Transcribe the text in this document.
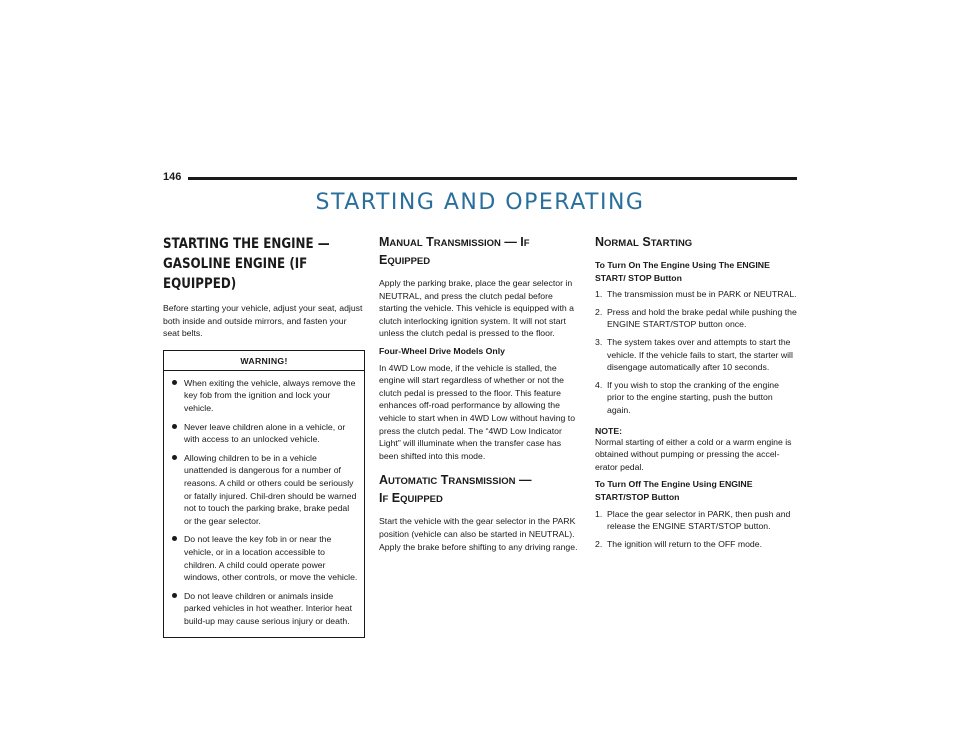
146
STARTING AND OPERATING
STARTING THE ENGINE — GASOLINE ENGINE (IF EQUIPPED)

Before starting your vehicle, adjust your seat, adjust both inside and outside mirrors, and fasten your seat belts.

WARNING!
When exiting the vehicle, always remove the key fob from the ignition and lock your vehicle.
Never leave children alone in a vehicle, or with access to an unlocked vehicle.
Allowing children to be in a vehicle unattended is dangerous for a number of reasons. A child or others could be seriously or fatally injured. Chil-dren should be warned not to touch the parking brake, brake pedal or the gear selector.
Do not leave the key fob in or near the vehicle, or in a location accessible to children. A child could operate power windows, other controls, or move the vehicle.
Do not leave children or animals inside parked vehicles in hot weather. Interior heat build-up may cause serious injury or death.
MANUAL TRANSMISSION — IF EQUIPPED

Apply the parking brake, place the gear selector in NEUTRAL, and press the clutch pedal before starting the vehicle. This vehicle is equipped with a clutch interlocking ignition system. It will not start unless the clutch pedal is pressed to the floor.

Four-Wheel Drive Models Only

In 4WD Low mode, if the vehicle is stalled, the engine will start regardless of whether or not the clutch pedal is pressed to the floor. This feature enhances off-road performance by allowing the vehicle to start when in 4WD Low without having to press the clutch pedal. The “4WD Low Indicator Light” will illuminate when the transfer case has been shifted into this mode.

AUTOMATIC TRANSMISSION —
IF EQUIPPED

Start the vehicle with the gear selector in the PARK position (vehicle can also be started in NEUTRAL). Apply the brake before shifting to any driving range.

NORMAL STARTING
To Turn On The Engine Using The ENGINE START/ STOP Button
1. The transmission must be in PARK or NEUTRAL.
2. Press and hold the brake pedal while pushing the ENGINE START/STOP button once.
3. The system takes over and attempts to start the vehicle. If the vehicle fails to start, the starter will disengage automatically after 10 seconds.
4. If you wish to stop the cranking of the engine prior to the engine starting, push the button again.
NOTE:

Normal starting of either a cold or a warm engine is obtained without pumping or pressing the accel-erator pedal.

To Turn Off The Engine Using ENGINE START/STOP Button
1. Place the gear selector in PARK, then push and release the ENGINE START/STOP button.
2. The ignition will return to the OFF mode.
